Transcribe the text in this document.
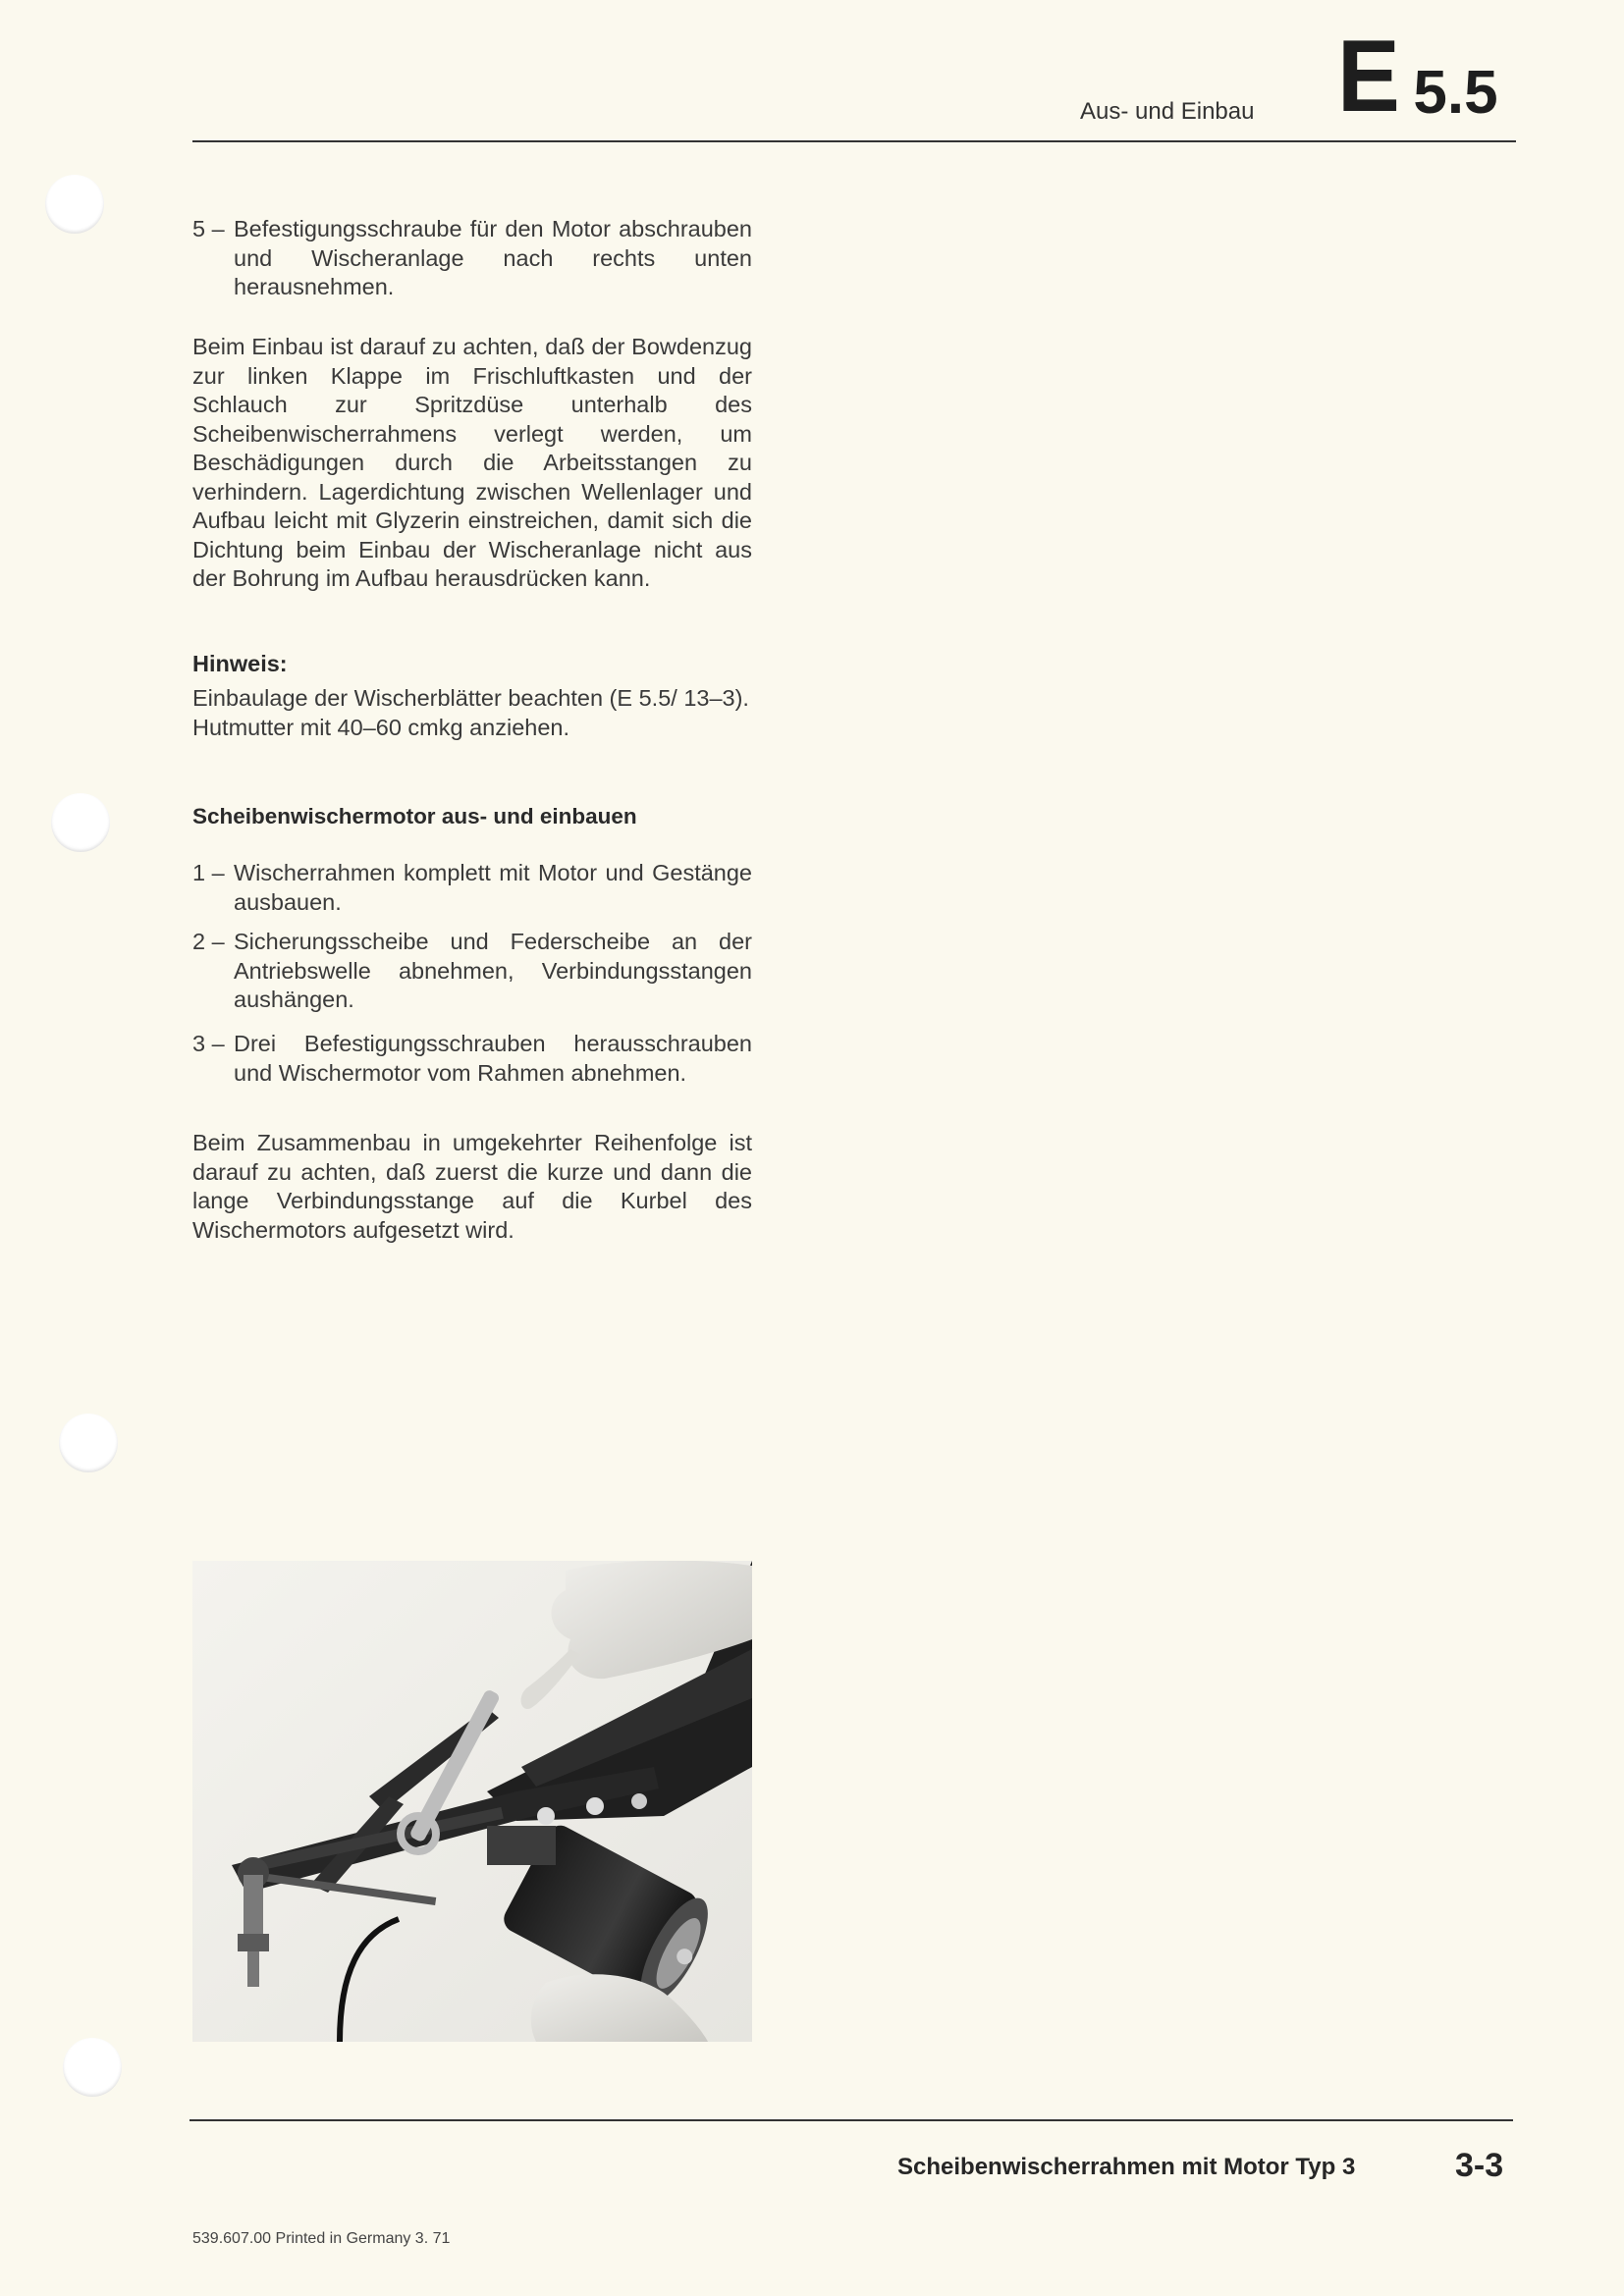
Aus- und Einbau E 5.5
5 – Befestigungsschraube für den Motor abschrauben und Wischeranlage nach rechts unten herausnehmen.
Beim Einbau ist darauf zu achten, daß der Bowdenzug zur linken Klappe im Frischluftkasten und der Schlauch zur Spritzdüse unterhalb des Scheibenwischerrahmens verlegt werden, um Beschädigungen durch die Arbeitsstangen zu verhindern. Lagerdichtung zwischen Wellenlager und Aufbau leicht mit Glyzerin einstreichen, damit sich die Dichtung beim Einbau der Wischeranlage nicht aus der Bohrung im Aufbau herausdrücken kann.
Hinweis:
Einbaulage der Wischerblätter beachten (E 5.5/ 13–3). Hutmutter mit 40–60 cmkg anziehen.
Scheibenwischermotor aus- und einbauen
1 – Wischerrahmen komplett mit Motor und Gestänge ausbauen.
2 – Sicherungsscheibe und Federscheibe an der Antriebswelle abnehmen, Verbindungsstangen aushängen.
3 – Drei Befestigungsschrauben herausschrauben und Wischermotor vom Rahmen abnehmen.
Beim Zusammenbau in umgekehrter Reihenfolge ist darauf zu achten, daß zuerst die kurze und dann die lange Verbindungsstange auf die Kurbel des Wischermotors aufgesetzt wird.
Scheibenwischerrahmen mit Motor Typ 3	3-3
539.607.00 Printed in Germany 3. 71
